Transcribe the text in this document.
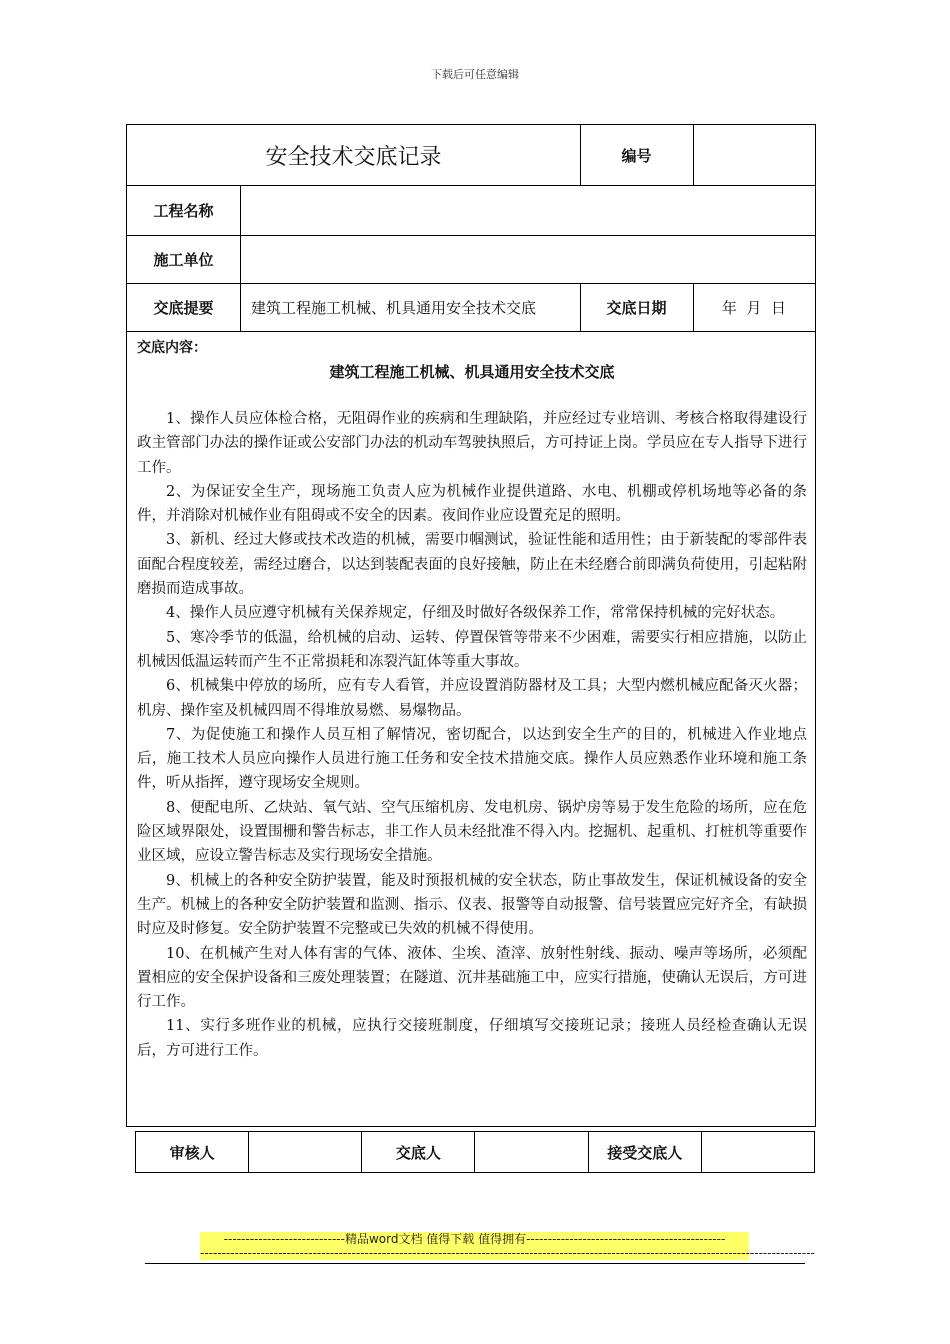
下载后可任意编辑
安全技术交底记录	编号
工程名称
施工单位
交底提要	建筑工程施工机械、机具通用安全技术交底	交底日期	年  月  日
交底内容：
建筑工程施工机械、机具通用安全技术交底

1、操作人员应体检合格，无阻碍作业的疾病和生理缺陷，并应经过专业培训、考核合格取得建设行政主管部门办法的操作证或公安部门办法的机动车驾驶执照后，方可持证上岗。学员应在专人指导下进行工作。

2、为保证安全生产，现场施工负责人应为机械作业提供道路、水电、机棚或停机场地等必备的条件，并消除对机械作业有阻碍或不安全的因素。夜间作业应设置充足的照明。

3、新机、经过大修或技术改造的机械，需要巾帼测试，验证性能和适用性；由于新装配的零部件表面配合程度较差，需经过磨合，以达到装配表面的良好接触，防止在未经磨合前即满负荷使用，引起粘附磨损而造成事故。

4、操作人员应遵守机械有关保养规定，仔细及时做好各级保养工作，常常保持机械的完好状态。

5、寒冷季节的低温，给机械的启动、运转、停置保管等带来不少困难，需要实行相应措施，以防止机械因低温运转而产生不正常损耗和冻裂汽缸体等重大事故。

6、机械集中停放的场所，应有专人看管，并应设置消防器材及工具；大型内燃机械应配备灭火器；机房、操作室及机械四周不得堆放易燃、易爆物品。

7、为促使施工和操作人员互相了解情况，密切配合，以达到安全生产的目的，机械进入作业地点后，施工技术人员应向操作人员进行施工任务和安全技术措施交底。操作人员应熟悉作业环境和施工条件，听从指挥，遵守现场安全规则。

8、便配电所、乙炔站、氧气站、空气压缩机房、发电机房、锅炉房等易于发生危险的场所，应在危险区域界限处，设置围栅和警告标志，非工作人员未经批准不得入内。挖掘机、起重机、打桩机等重要作业区域，应设立警告标志及实行现场安全措施。

9、机械上的各种安全防护装置，能及时预报机械的安全状态，防止事故发生，保证机械设备的安全生产。机械上的各种安全防护装置和监测、指示、仪表、报警等自动报警、信号装置应完好齐全，有缺损时应及时修复。安全防护装置不完整或已失效的机械不得使用。

10、在机械产生对人体有害的气体、液体、尘埃、渣滓、放射性射线、振动、噪声等场所，必须配置相应的安全保护设备和三废处理装置；在隧道、沉井基础施工中，应实行措施，使确认无误后，方可进行工作。

11、实行多班作业的机械，应执行交接班制度，仔细填写交接班记录；接班人员经检查确认无误后，方可进行工作。

审核人		交底人		接受交底人	
----------------------------精品word文档 值得下载 值得拥有----------------------------------------------
----------------------------------------------------------------------------------------------------------------------------------------------
